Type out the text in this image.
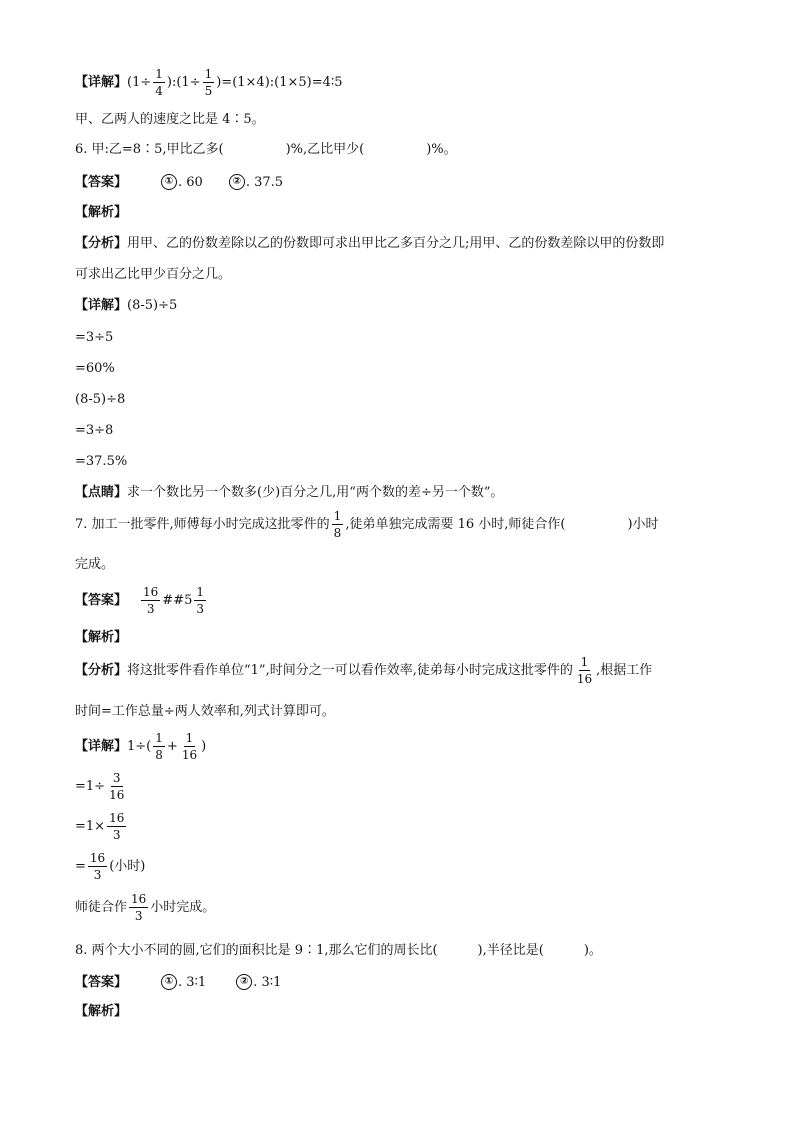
【详解】 ($1\div \frac{1}{4}$ ):(1÷ $\frac{1}{5}$ )=(1×4):(1×5)=4∶5
甲、乙两人的速度之比是 4∶5。
6. 甲:乙=8∶5,甲比乙多(	)%,乙比甲少(	)%。
【答案】	① . 60	② . 37.5
【解析】
【分析】 用甲、乙的份数差除以乙的份数即可求出甲比乙多百分之几;用甲、乙的份数差除以甲的份数即
可求出乙比甲少百分之几。
【详解】 (8-5)÷5
=3÷5
=60%
(8-5)÷8
=3÷8
=37.5%
【点睛】 求一个数比另一个数多(少)百分之几,用“两个数的差÷另一个数”。
7. 加工一批零件,师傅每小时完成这批零件的 $\frac{1}{8}$ ,徒弟单独完成需要 16 小时,师徒合作(	)小时
完成。
【答案】 $\frac{16}{3}$ ##5 $\frac{1}{3}$
【解析】
【分析】 将这批零件看作单位“1”,时间分之一可以看作效率,徒弟每小时完成这批零件的 $\frac{1}{16}$ ,根据工作
时间=工作总量÷两人效率和,列式计算即可。
【详解】 $1\div( \frac{1}{8} + \frac{1}{16}$ )
$=1\div \frac{3}{16}$
$=1\times \frac{16}{3}$
= $\frac{16}{3}$ (小时)
师徒合作 $\frac{16}{3}$ 小时完成。
8. 两个大小不同的圆,它们的面积比是 9∶1,那么它们的周长比(	),半径比是(	)。
【答案】	① . 3∶1	② . 3∶1
【解析】
